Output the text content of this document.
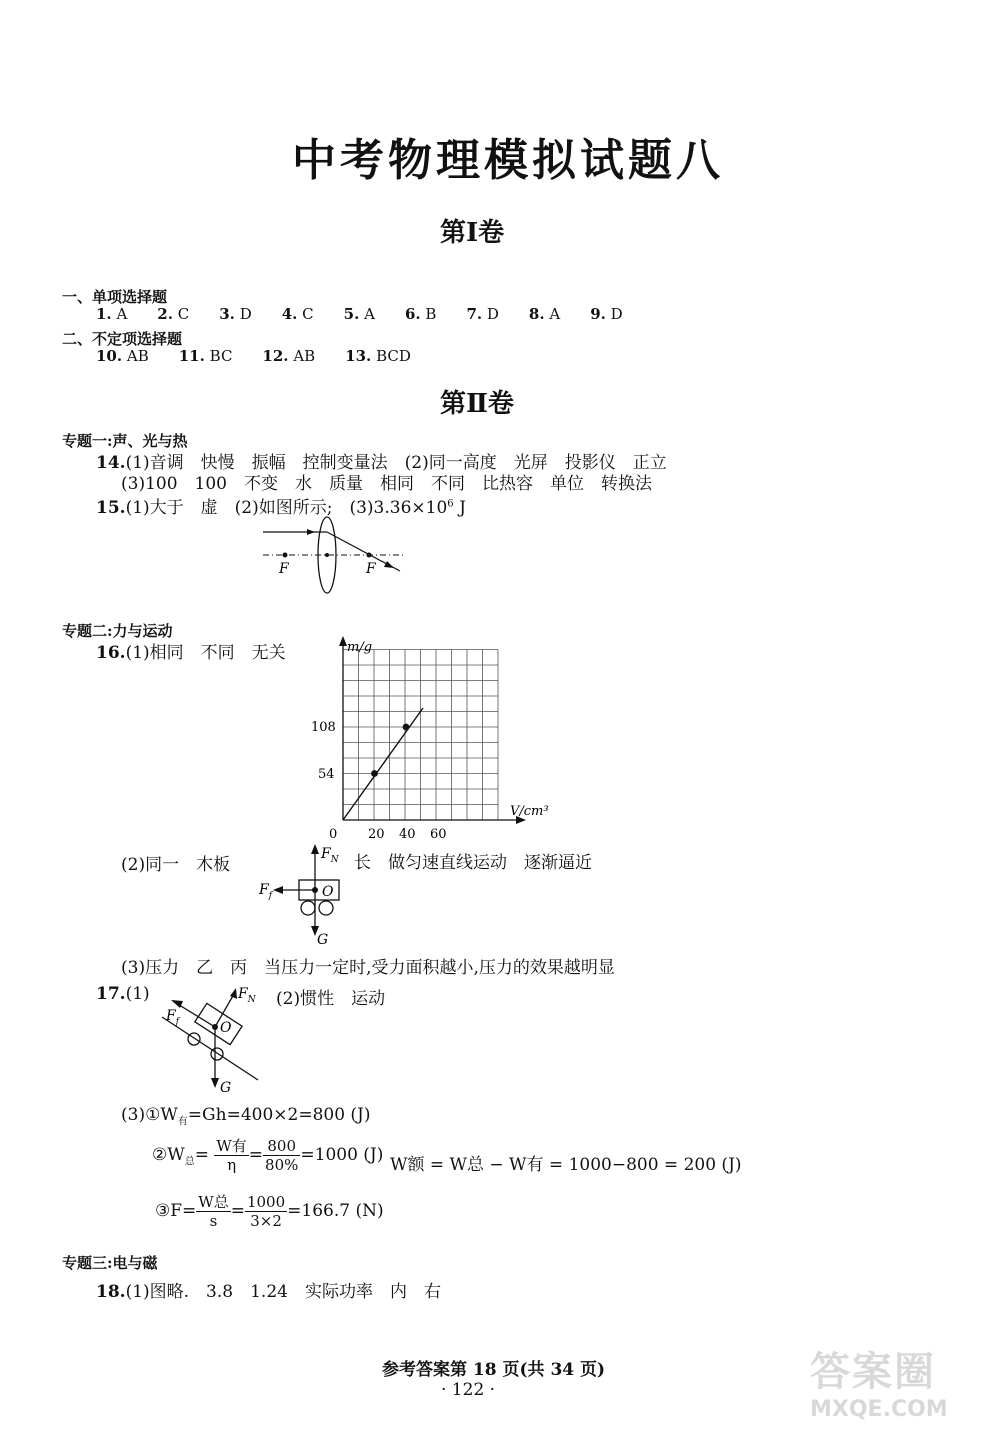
中考物理模拟试题八
第Ⅰ卷
一、单项选择题
1. A 2. C 3. D 4. C 5. A 6. B 7. D 8. A 9. D
二、不定项选择题
10. AB 11. BC 12. AB 13. BCD
第Ⅱ卷
专题一:声、光与热
14.(1)音调　快慢　振幅　控制变量法　(2)同一高度　光屏　投影仪　正立
(3)100　100　不变　水　质量　相同　不同　比热容　单位　转换法
15.(1)大于　虚　(2)如图所示;　$(3)3.36\times 10^6$ J
F	F
专题二:力与运动
16.(1)相同　不同　无关	m/g
V/cm³
0 20 40 60
54
108
(2)同一　木板	长　做匀速直线运动　逐渐逼近
$F_N$
$F_f$	O
G
(3)压力　乙　丙　当压力一定时,受力面积越小,压力的效果越明显
17.(1)	(2)惯性　运动
$F_N$
$F_f$	O
G
$(3)①W_有=Gh=400\times 2=800$ (J)
$②W_总= \frac{\text{W有}}{\eta} = \frac{800}{80\%} =1000$ (J) W额 = W总 − W有 = 1000−800 = 200 (J)
③F= $\frac{\text{W总}}{s} = \frac{1000}{3\times 2} =166.7$ (N)
专题三:电与磁
18.(1)图略.　3.8　1.24　实际功率　内　右
参考答案第 18 页(共 34 页)
· 122 ·	答案圈
MXQE.COM
